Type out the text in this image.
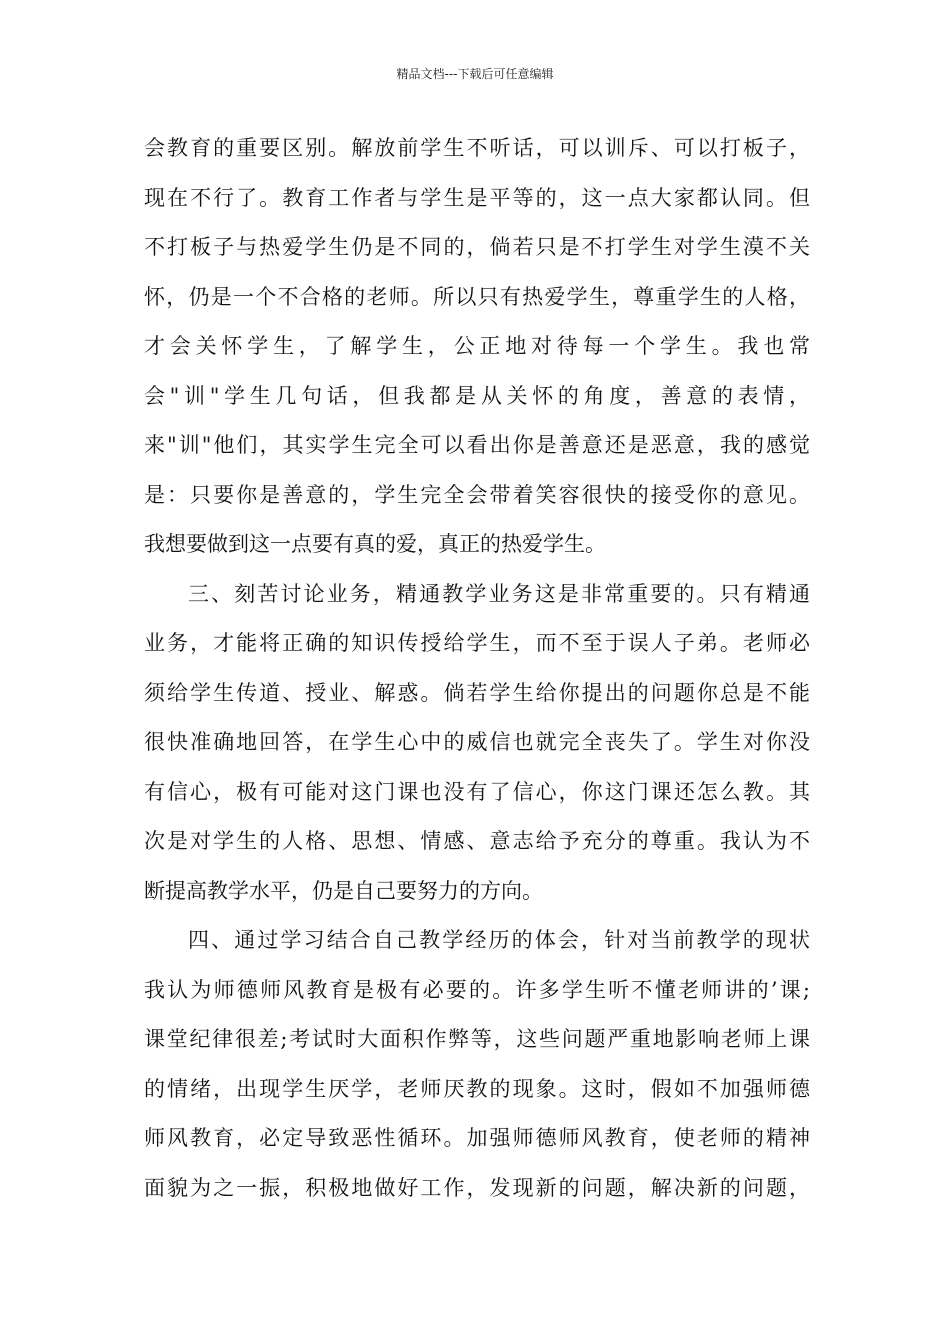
精品文档---下载后可任意编辑
会教育的重要区别。解放前学生不听话，可以训斥、可以打板子，
现在不行了。教育工作者与学生是平等的，这一点大家都认同。但
不打板子与热爱学生仍是不同的，倘若只是不打学生对学生漠不关
怀，仍是一个不合格的老师。所以只有热爱学生，尊重学生的人格，
才会关怀学生，了解学生，公正地对待每一个学生。我也常
会"训"学生几句话，但我都是从关怀的角度，善意的表情，
来"训"他们，其实学生完全可以看出你是善意还是恶意，我的感觉
是：只要你是善意的，学生完全会带着笑容很快的接受你的意见。
我想要做到这一点要有真的爱，真正的热爱学生。
三、刻苦讨论业务，精通教学业务这是非常重要的。只有精通
业务，才能将正确的知识传授给学生，而不至于误人子弟。老师必
须给学生传道、授业、解惑。倘若学生给你提出的问题你总是不能
很快准确地回答，在学生心中的威信也就完全丧失了。学生对你没
有信心，极有可能对这门课也没有了信心，你这门课还怎么教。其
次是对学生的人格、思想、情感、意志给予充分的尊重。我认为不
断提高教学水平，仍是自己要努力的方向。
四、通过学习结合自己教学经历的体会，针对当前教学的现状
我认为师德师风教育是极有必要的。许多学生听不懂老师讲的’课;
课堂纪律很差;考试时大面积作弊等，这些问题严重地影响老师上课
的情绪，出现学生厌学，老师厌教的现象。这时，假如不加强师德
师风教育，必定导致恶性循环。加强师德师风教育，使老师的精神
面貌为之一振，积极地做好工作，发现新的问题，解决新的问题，
